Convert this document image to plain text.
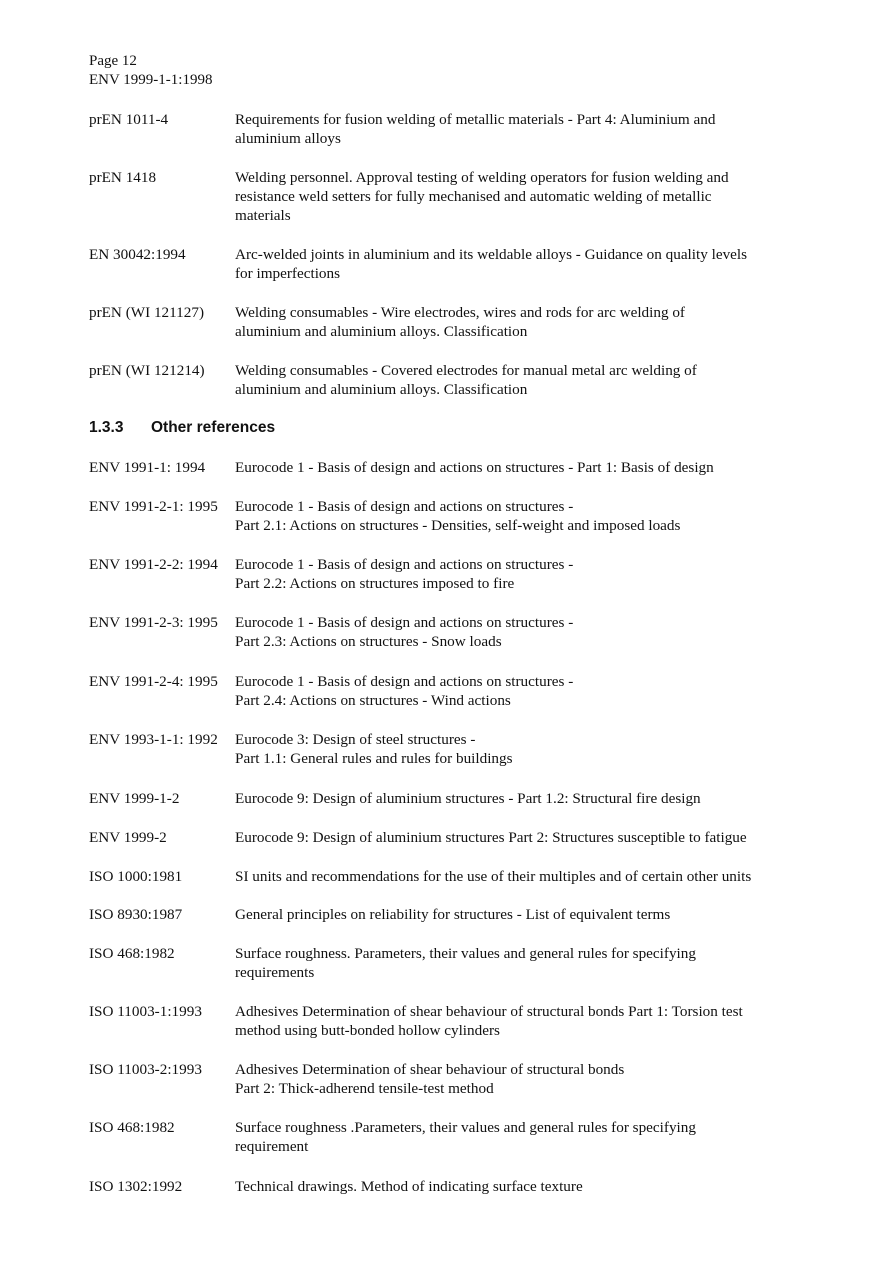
Page 12
ENV 1999-1-1:1998
prEN 1011-4	Requirements for fusion welding of metallic materials - Part 4: Aluminium and
aluminium alloys
prEN 1418	Welding personnel. Approval testing of welding operators for fusion welding and
resistance weld setters for fully mechanised and automatic welding of metallic
materials
EN 30042:1994	Arc-welded joints in aluminium and its weldable alloys - Guidance on quality levels
for imperfections
prEN (WI 121127) Welding consumables - Wire electrodes, wires and rods for arc welding of
aluminium and aluminium alloys. Classification
prEN (WI 121214) Welding consumables - Covered electrodes for manual metal arc welding of
aluminium and aluminium alloys. Classification
1.3.3 Other references
ENV 1991-1: 1994 Eurocode 1 - Basis of design and actions on structures - Part 1: Basis of design
ENV 1991-2-1: 1995 Eurocode 1 - Basis of design and actions on structures -
Part 2.1: Actions on structures - Densities, self-weight and imposed loads
ENV 1991-2-2: 1994 Eurocode 1 - Basis of design and actions on structures -
Part 2.2: Actions on structures imposed to fire
ENV 1991-2-3: 1995 Eurocode 1 - Basis of design and actions on structures -
Part 2.3: Actions on structures - Snow loads
ENV 1991-2-4: 1995 Eurocode 1 - Basis of design and actions on structures -
Part 2.4: Actions on structures - Wind actions
ENV 1993-1-1: 1992 Eurocode 3: Design of steel structures -
Part 1.1: General rules and rules for buildings
ENV 1999-1-2	Eurocode 9: Design of aluminium structures - Part 1.2: Structural fire design
ENV 1999-2	Eurocode 9: Design of aluminium structures Part 2: Structures susceptible to fatigue
ISO 1000:1981	SI units and recommendations for the use of their multiples and of certain other units
ISO 8930:1987	General principles on reliability for structures - List of equivalent terms
ISO 468:1982	Surface roughness. Parameters, their values and general rules for specifying
requirements
ISO 11003-1:1993 Adhesives Determination of shear behaviour of structural bonds Part 1: Torsion test
method using butt-bonded hollow cylinders
ISO 11003-2:1993 Adhesives Determination of shear behaviour of structural bonds
Part 2: Thick-adherend tensile-test method
ISO 468:1982	Surface roughness .Parameters, their values and general rules for specifying
requirement
ISO 1302:1992	Technical drawings. Method of indicating surface texture
